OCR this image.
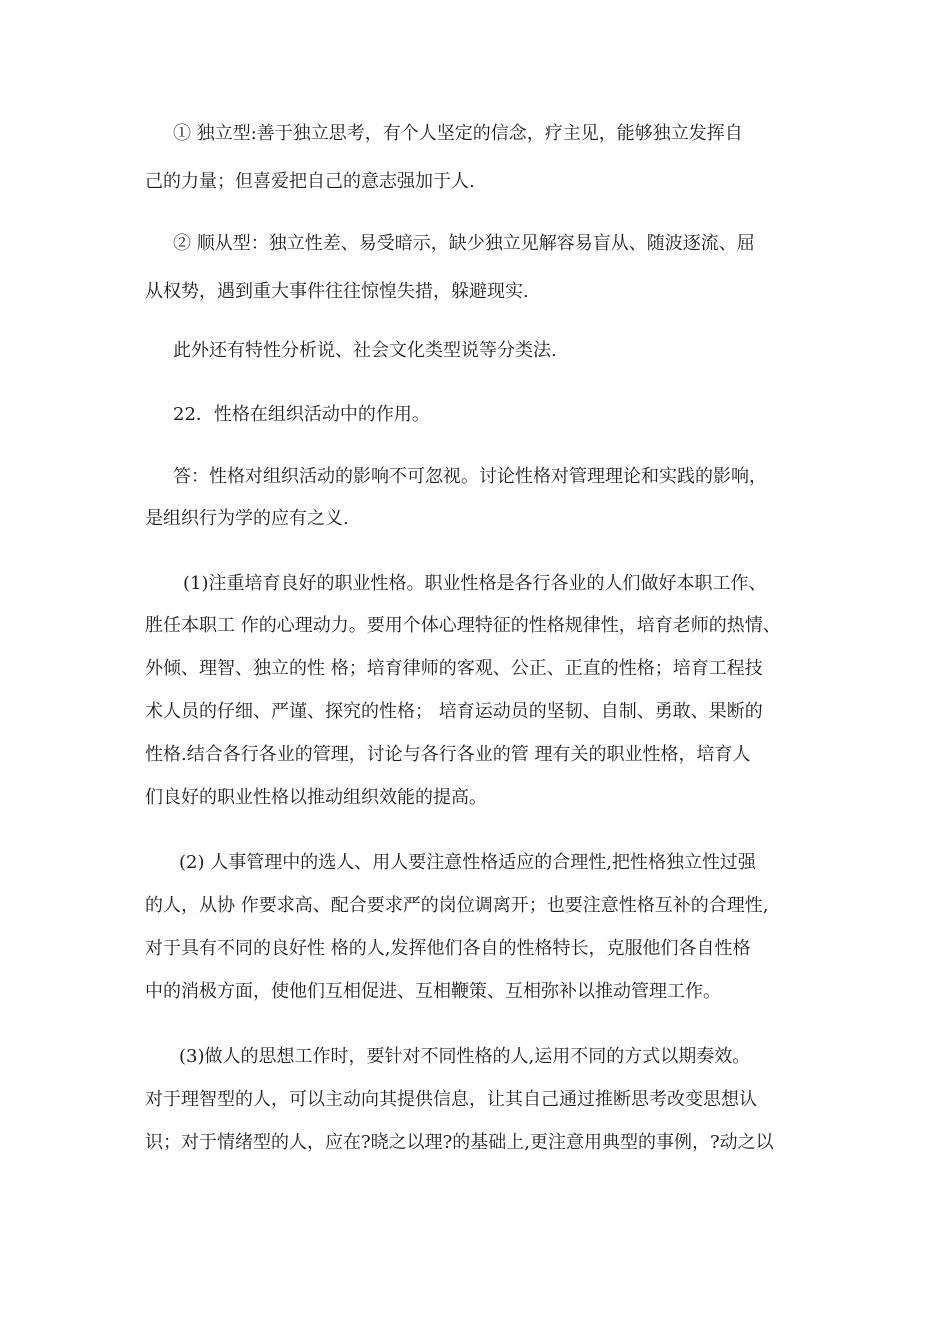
① 独立型:善于独立思考，有个人坚定的信念，疗主见，能够独立发挥自
己的力量；但喜爱把自己的意志强加于人.
② 顺从型：独立性差、易受暗示，缺少独立见解容易盲从、随波逐流、屈
从权势，遇到重大事件往往惊惶失措，躲避现实.
此外还有特性分析说、社会文化类型说等分类法.
22．性格在组织活动中的作用。
答：性格对组织活动的影响不可忽视。讨论性格对管理理论和实践的影响，
是组织行为学的应有之义.
(1)注重培育良好的职业性格。职业性格是各行各业的人们做好本职工作、
胜任本职工 作的心理动力。要用个体心理特征的性格规律性，培育老师的热情、
外倾、理智、独立的性 格；培育律师的客观、公正、正直的性格；培育工程技
术人员的仔细、严谨、探究的性格； 培育运动员的坚韧、自制、勇敢、果断的
性格.结合各行各业的管理，讨论与各行各业的管 理有关的职业性格，培育人
们良好的职业性格以推动组织效能的提高。
(2) 人事管理中的选人、用人要注意性格适应的合理性,把性格独立性过强
的人，从协 作要求高、配合要求严的岗位调离开；也要注意性格互补的合理性,
对于具有不同的良好性 格的人,发挥他们各自的性格特长，克服他们各自性格
中的消极方面，使他们互相促进、互相鞭策、互相弥补以推动管理工作。
(3)做人的思想工作时，要针对不同性格的人,运用不同的方式以期奏效。
对于理智型的人，可以主动向其提供信息，让其自己通过推断思考改变思想认
识；对于情绪型的人，应在?晓之以理?的基础上,更注意用典型的事例，?动之以
